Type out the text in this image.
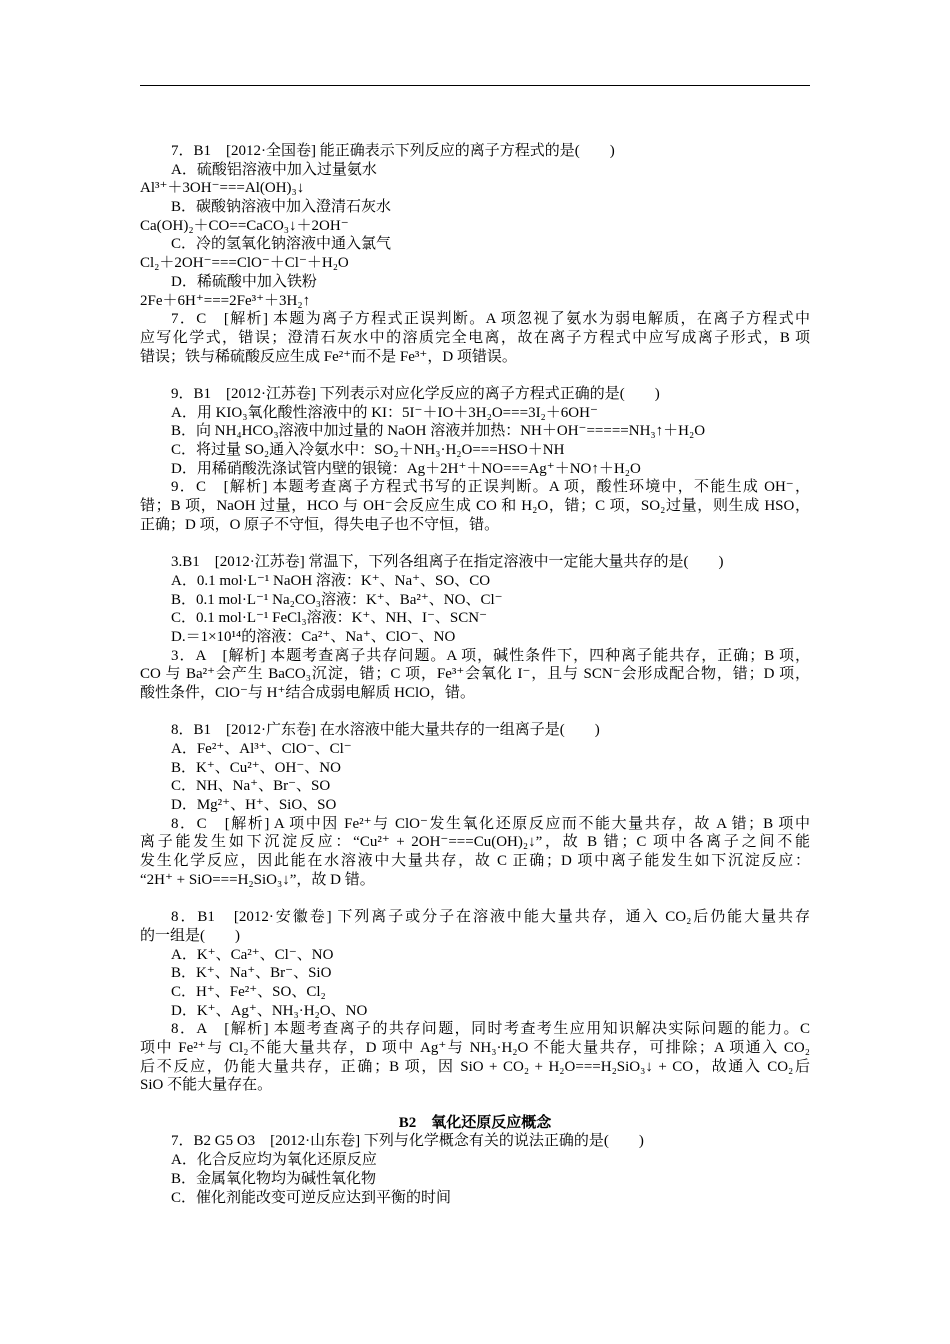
7．B1　[2012·全国卷] 能正确表示下列反应的离子方程式的是(　　)
A．硫酸铝溶液中加入过量氨水
Al³⁺＋3OH⁻===Al(OH)₃↓
B．碳酸钠溶液中加入澄清石灰水
Ca(OH)₂＋CO==CaCO₃↓＋2OH⁻
C．冷的氢氧化钠溶液中通入氯气
Cl₂＋2OH⁻===ClO⁻＋Cl⁻＋H₂O
D．稀硫酸中加入铁粉
2Fe＋6H⁺===2Fe³⁺＋3H₂↑
7．C　[解析] 本题为离子方程式正误判断。A 项忽视了氨水为弱电解质，在离子方程式中
应写化学式，错误；澄清石灰水中的溶质完全电离，故在离子方程式中应写成离子形式，B 项
错误；铁与稀硫酸反应生成 Fe²⁺而不是 Fe³⁺，D 项错误。
9．B1　[2012·江苏卷] 下列表示对应化学反应的离子方程式正确的是(　　)
A．用 KIO₃氧化酸性溶液中的 KI：5I⁻＋IO＋3H₂O===3I₂＋6OH⁻
B．向 NH₄HCO₃溶液中加过量的 NaOH 溶液并加热：NH＋OH⁻=====NH₃↑＋H₂O
C．将过量 SO₂通入冷氨水中：SO₂＋NH₃·H₂O===HSO＋NH
D．用稀硝酸洗涤试管内壁的银镜：Ag＋2H⁺＋NO===Ag⁺＋NO↑＋H₂O
9．C　[解析] 本题考查离子方程式书写的正误判断。A 项，酸性环境中，不能生成 OH⁻，
错；B 项，NaOH 过量，HCO 与 OH⁻会反应生成 CO 和 H₂O，错；C 项，SO₂过量，则生成 HSO，
正确；D 项，O 原子不守恒，得失电子也不守恒，错。
3.B1　[2012·江苏卷] 常温下，下列各组离子在指定溶液中一定能大量共存的是(　　)
A．0.1 mol·L⁻¹ NaOH 溶液：K⁺、Na⁺、SO、CO
B．0.1 mol·L⁻¹ Na₂CO₃溶液：K⁺、Ba²⁺、NO、Cl⁻
C．0.1 mol·L⁻¹ FeCl₃溶液：K⁺、NH、I⁻、SCN⁻
D.＝1×10¹⁴的溶液：Ca²⁺、Na⁺、ClO⁻、NO
3．A　[解析] 本题考查离子共存问题。A 项，碱性条件下，四种离子能共存，正确；B 项，
CO 与 Ba²⁺会产生 BaCO₃沉淀，错；C 项，Fe³⁺会氧化 I⁻，且与 SCN⁻会形成配合物，错；D 项，
酸性条件，ClO⁻与 H⁺结合成弱电解质 HClO，错。
8．B1　[2012·广东卷] 在水溶液中能大量共存的一组离子是(　　)
A．Fe²⁺、Al³⁺、ClO⁻、Cl⁻
B．K⁺、Cu²⁺、OH⁻、NO
C．NH、Na⁺、Br⁻、SO
D．Mg²⁺、H⁺、SiO、SO
8．C　[解析] A 项中因 Fe²⁺与 ClO⁻发生氧化还原反应而不能大量共存，故 A 错；B 项中
离子能发生如下沉淀反应：“Cu²⁺ + 2OH⁻===Cu(OH)₂↓”，故 B 错；C 项中各离子之间不能
发生化学反应，因此能在水溶液中大量共存，故 C 正确；D 项中离子能发生如下沉淀反应：
“2H⁺ + SiO===H₂SiO₃↓”，故 D 错。
8．B1　[2012·安徽卷] 下列离子或分子在溶液中能大量共存，通入 CO₂后仍能大量共存
的一组是(　　)
A．K⁺、Ca²⁺、Cl⁻、NO
B．K⁺、Na⁺、Br⁻、SiO
C．H⁺、Fe²⁺、SO、Cl₂
D．K⁺、Ag⁺、NH₃·H₂O、NO
8．A　[解析] 本题考查离子的共存问题，同时考查考生应用知识解决实际问题的能力。C
项中 Fe²⁺与 Cl₂不能大量共存，D 项中 Ag⁺与 NH₃·H₂O 不能大量共存，可排除；A 项通入 CO₂
后不反应，仍能大量共存，正确；B 项，因 SiO + CO₂ + H₂O===H₂SiO₃↓ + CO，故通入 CO₂后
SiO 不能大量存在。
B2　氧化还原反应概念
7．B2 G5 O3　[2012·山东卷] 下列与化学概念有关的说法正确的是(　　)
A．化合反应均为氧化还原反应
B．金属氧化物均为碱性氧化物
C．催化剂能改变可逆反应达到平衡的时间
